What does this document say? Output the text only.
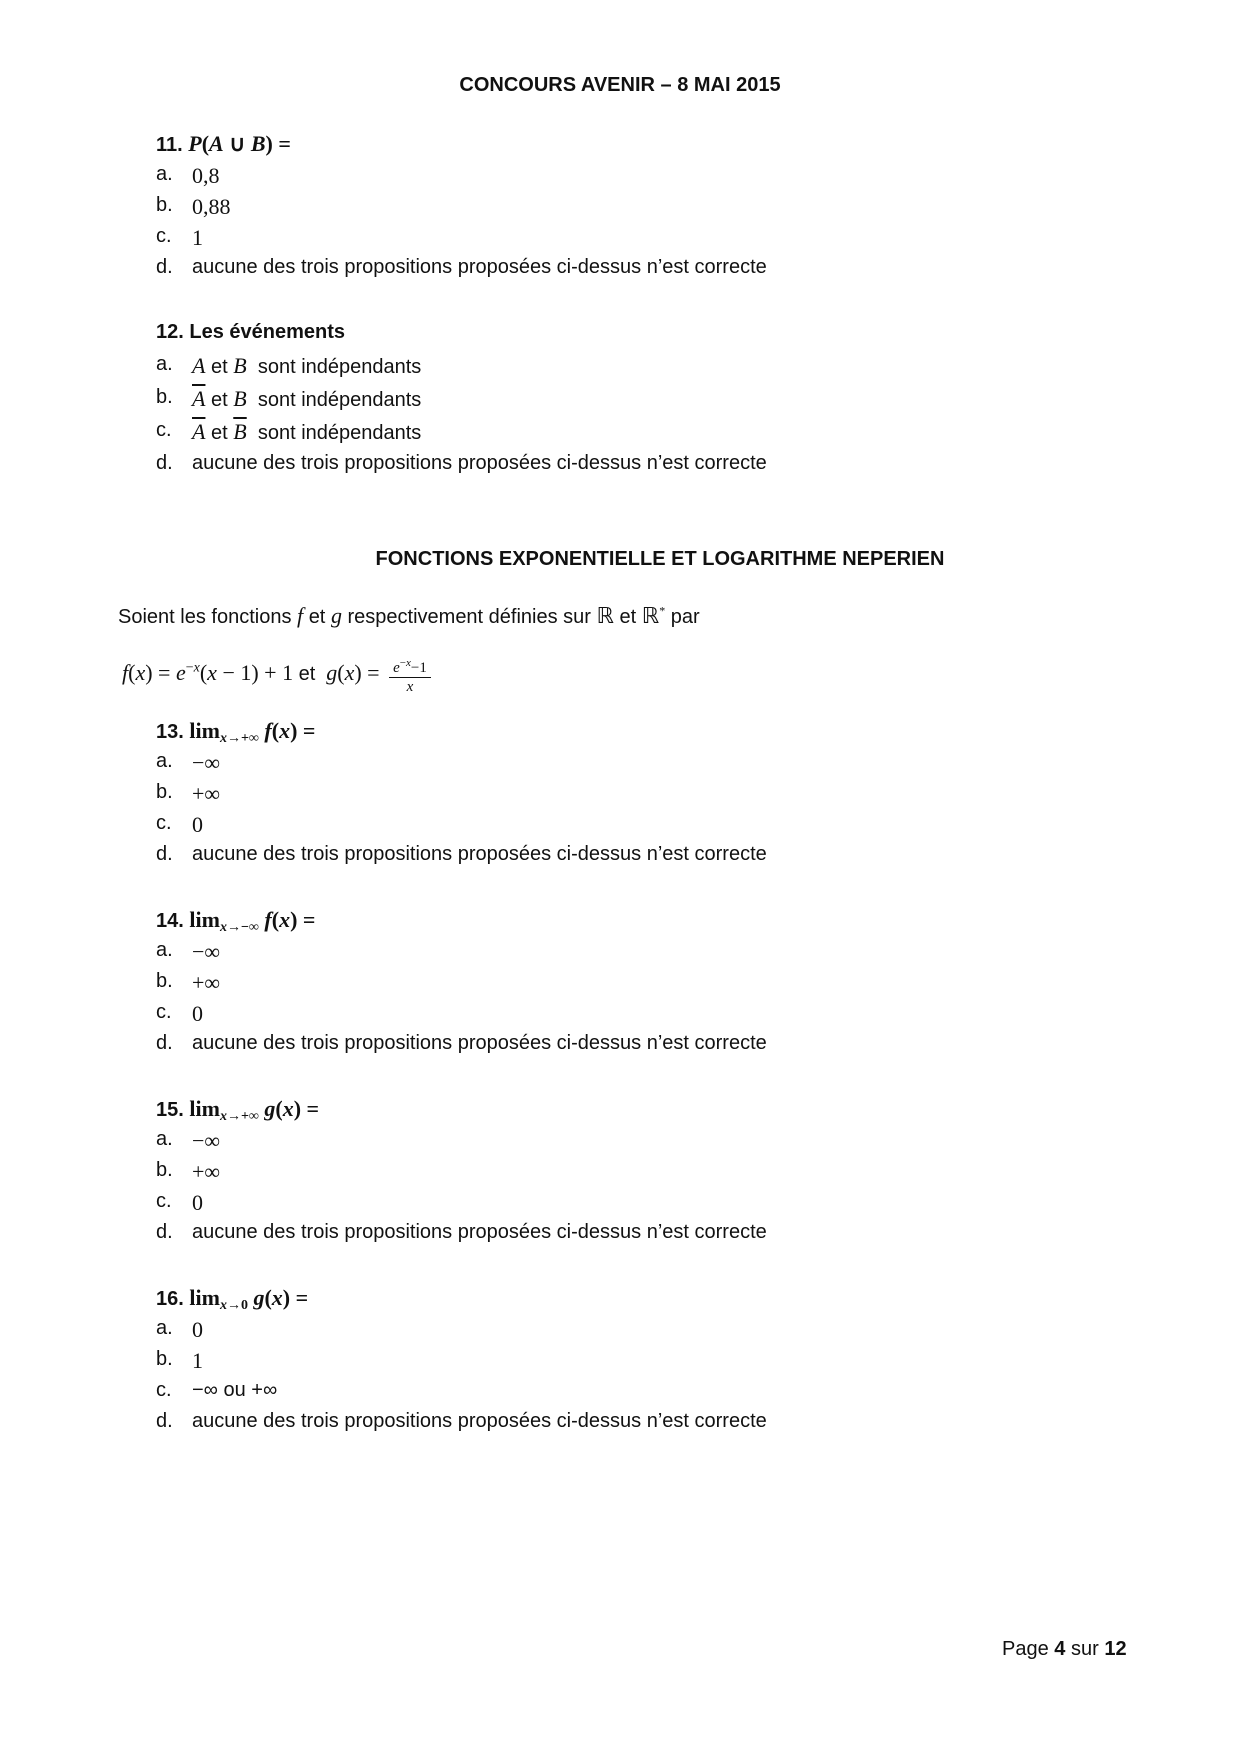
CONCOURS AVENIR – 8 MAI 2015
11. P(A ∪ B) =
a. 0,8
b. 0,88
c. 1
d. aucune des trois propositions proposées ci-dessus n’est correcte
12. Les événements
a. A et B sont indépendants
b. $\overline{A}$ et B sont indépendants
c. $\overline{A}$ et $\overline{B}$ sont indépendants
d. aucune des trois propositions proposées ci-dessus n’est correcte
FONCTIONS EXPONENTIELLE ET LOGARITHME NEPERIEN
Soient les fonctions f et g respectivement définies sur ℝ et ℝ* par
$f(x) = e^{-x}(x - 1) + 1$ et $g(x) = \frac{e^{-x}-1}{x}$
13. $\lim_{x\to+\infty} f(x)$ =
a. −∞
b. +∞
c. 0
d. aucune des trois propositions proposées ci-dessus n’est correcte
14. $\lim_{x\to-\infty} f(x)$ =
a. −∞
b. +∞
c. 0
d. aucune des trois propositions proposées ci-dessus n’est correcte
15. $\lim_{x\to+\infty} g(x)$ =
a. −∞
b. +∞
c. 0
d. aucune des trois propositions proposées ci-dessus n’est correcte
16. $\lim_{x\to 0} g(x)$ =
a. 0
b. 1
c. −∞ ou +∞
d. aucune des trois propositions proposées ci-dessus n’est correcte
Page 4 sur 12
